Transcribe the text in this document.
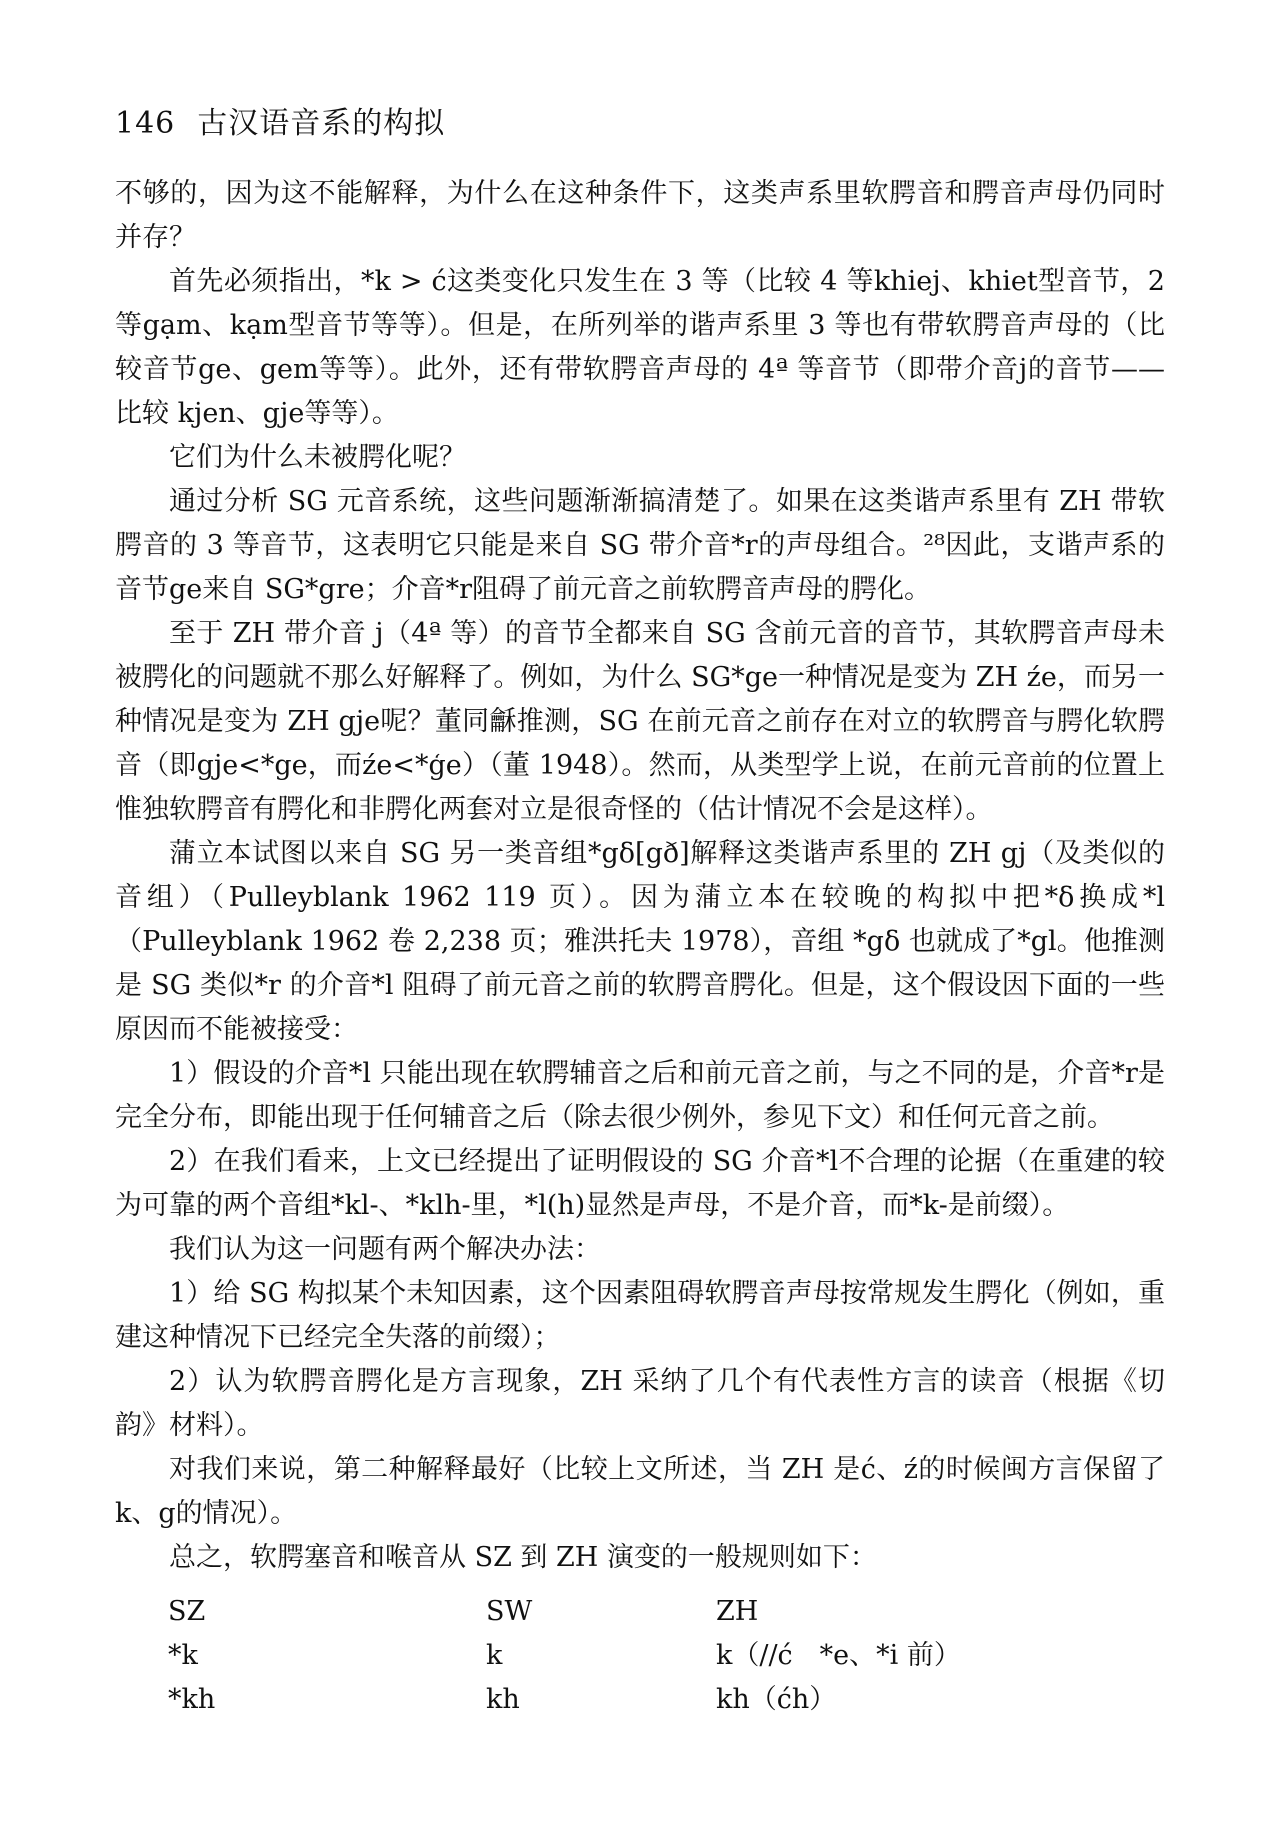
146 古汉语音系的构拟

不够的，因为这不能解释，为什么在这种条件下，这类声系里软腭音和腭音声母仍同时并存？

首先必须指出，*k > ć这类变化只发生在 3 等（比较 4 等khiej、khiet型音节，2 等gạm、kạm型音节等等）。但是，在所列举的谐声系里 3 等也有带软腭音声母的（比较音节ge、gem等等）。此外，还有带软腭音声母的 4ª 等音节（即带介音j的音节——比较 kjen、gje等等）。

它们为什么未被腭化呢？

通过分析 SG 元音系统，这些问题渐渐搞清楚了。如果在这类谐声系里有 ZH 带软腭音的 3 等音节，这表明它只能是来自 SG 带介音*r的声母组合。²⁸因此，支谐声系的音节ge来自 SG*gre；介音*r阻碍了前元音之前软腭音声母的腭化。

至于 ZH 带介音 j（4ª 等）的音节全都来自 SG 含前元音的音节，其软腭音声母未被腭化的问题就不那么好解释了。例如，为什么 SG*ge一种情况是变为 ZH źe，而另一种情况是变为 ZH gje呢？董同龢推测，SG 在前元音之前存在对立的软腭音与腭化软腭音（即gje<*ge，而źe<*ģe）（董 1948）。然而，从类型学上说，在前元音前的位置上惟独软腭音有腭化和非腭化两套对立是很奇怪的（估计情况不会是这样）。

蒲立本试图以来自 SG 另一类音组*gδ[gð]解释这类谐声系里的 ZH gj（及类似的音组）（Pulleyblank 1962 119 页）。因为蒲立本在较晚的构拟中把*δ换成*l（Pulleyblank 1962 卷 2,238 页；雅洪托夫 1978），音组 *gδ 也就成了*gl。他推测是 SG 类似*r 的介音*l 阻碍了前元音之前的软腭音腭化。但是，这个假设因下面的一些原因而不能被接受：

1）假设的介音*l 只能出现在软腭辅音之后和前元音之前，与之不同的是，介音*r是完全分布，即能出现于任何辅音之后（除去很少例外，参见下文）和任何元音之前。

2）在我们看来，上文已经提出了证明假设的 SG 介音*l不合理的论据（在重建的较为可靠的两个音组*kl-、*klh-里，*l(h)显然是声母，不是介音，而*k-是前缀）。

我们认为这一问题有两个解决办法：

1）给 SG 构拟某个未知因素，这个因素阻碍软腭音声母按常规发生腭化（例如，重建这种情况下已经完全失落的前缀）；

2）认为软腭音腭化是方言现象，ZH 采纳了几个有代表性方言的读音（根据《切韵》材料）。

对我们来说，第二种解释最好（比较上文所述，当 ZH 是ć、ź的时候闽方言保留了k、g的情况）。

总之，软腭塞音和喉音从 SZ 到 ZH 演变的一般规则如下：

SZ	SW	ZH
*k	k	k（//ć　*e、*i 前）
*kh	kh	kh（ćh）
